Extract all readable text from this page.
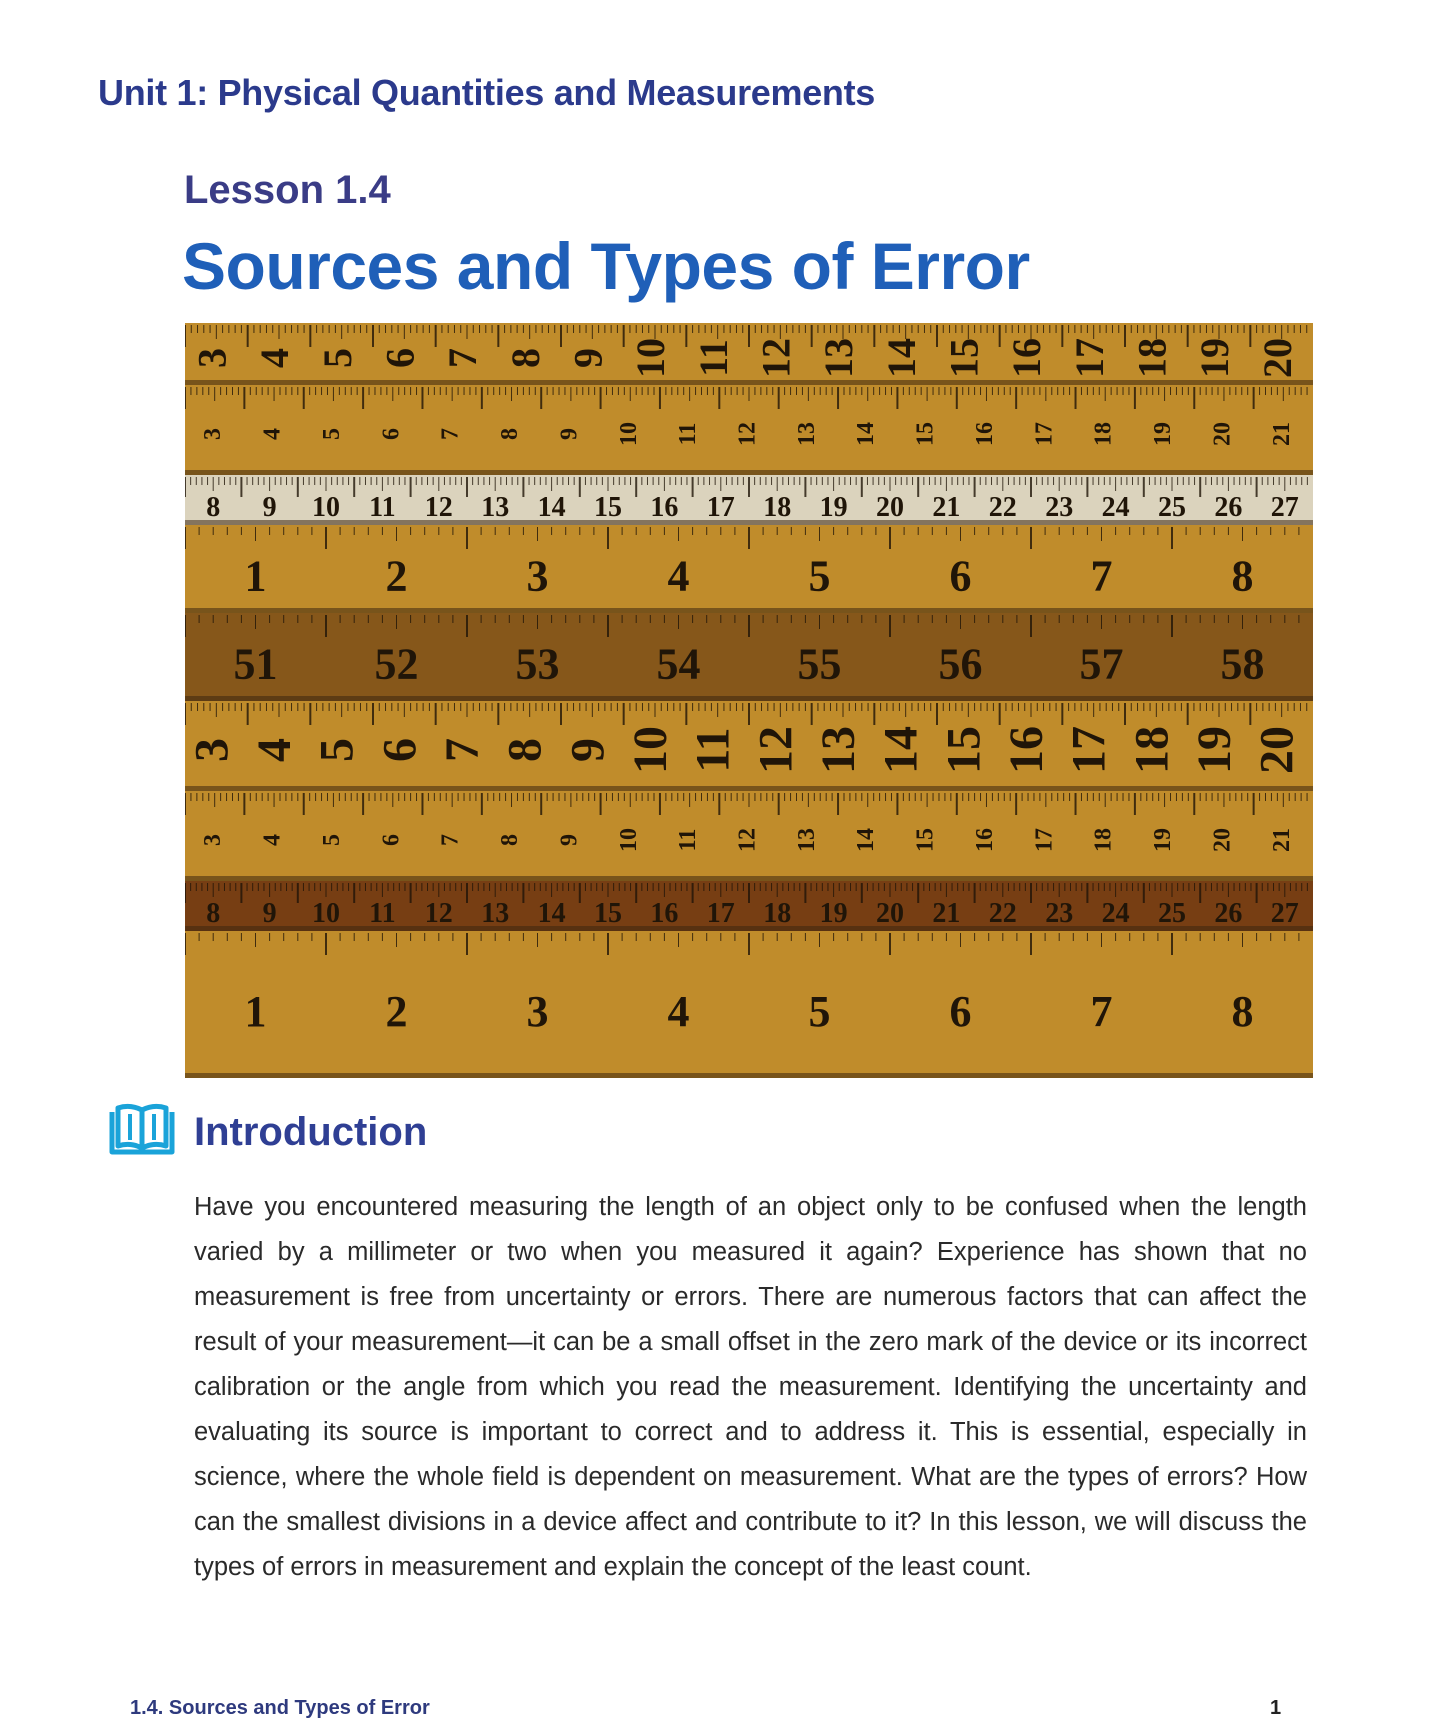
Unit 1: Physical Quantities and Measurements
Lesson 1.4
Sources and Types of Error
3 4 5 6 7 8 9 10 11 12 13 14 15 16 17 18 19 20
3 4 5 6 7 8 9 10 11 12 13 14 15 16 17 18 19 20 21
8 9 10 11 12 13 14 15 16 17 18 19 20 21 22 23 24 25 26 27
1	2	3	4	5	6	7	8
51 52 53 54 55 56 57 58
3 4 5 6 7 8 9 10 11 12 13 14 15 16 17 18 19 20
3 4 5 6 7 8 9 10 11 12 13 14 15 16 17 18 19 20 21
8 9 10 11 12 13 14 15 16 17 18 19 20 21 22 23 24 25 26 27
1	2	3	4	5	6	7	8
Introduction

Have you encountered measuring the length of an object only to be confused when the length varied by a millimeter or two when you measured it again? Experience has shown that no measurement is free from uncertainty or errors. There are numerous factors that can affect the result of your measurement—it can be a small offset in the zero mark of the device or its incorrect calibration or the angle from which you read the measurement. Identifying the uncertainty and evaluating its source is important to correct and to address it. This is essential, especially in science, where the whole field is dependent on measurement. What are the types of errors? How can the smallest divisions in a device affect and contribute to it? In this lesson, we will discuss the types of errors in measurement and explain the concept of the least count.

1.4. Sources and Types of Error	1
